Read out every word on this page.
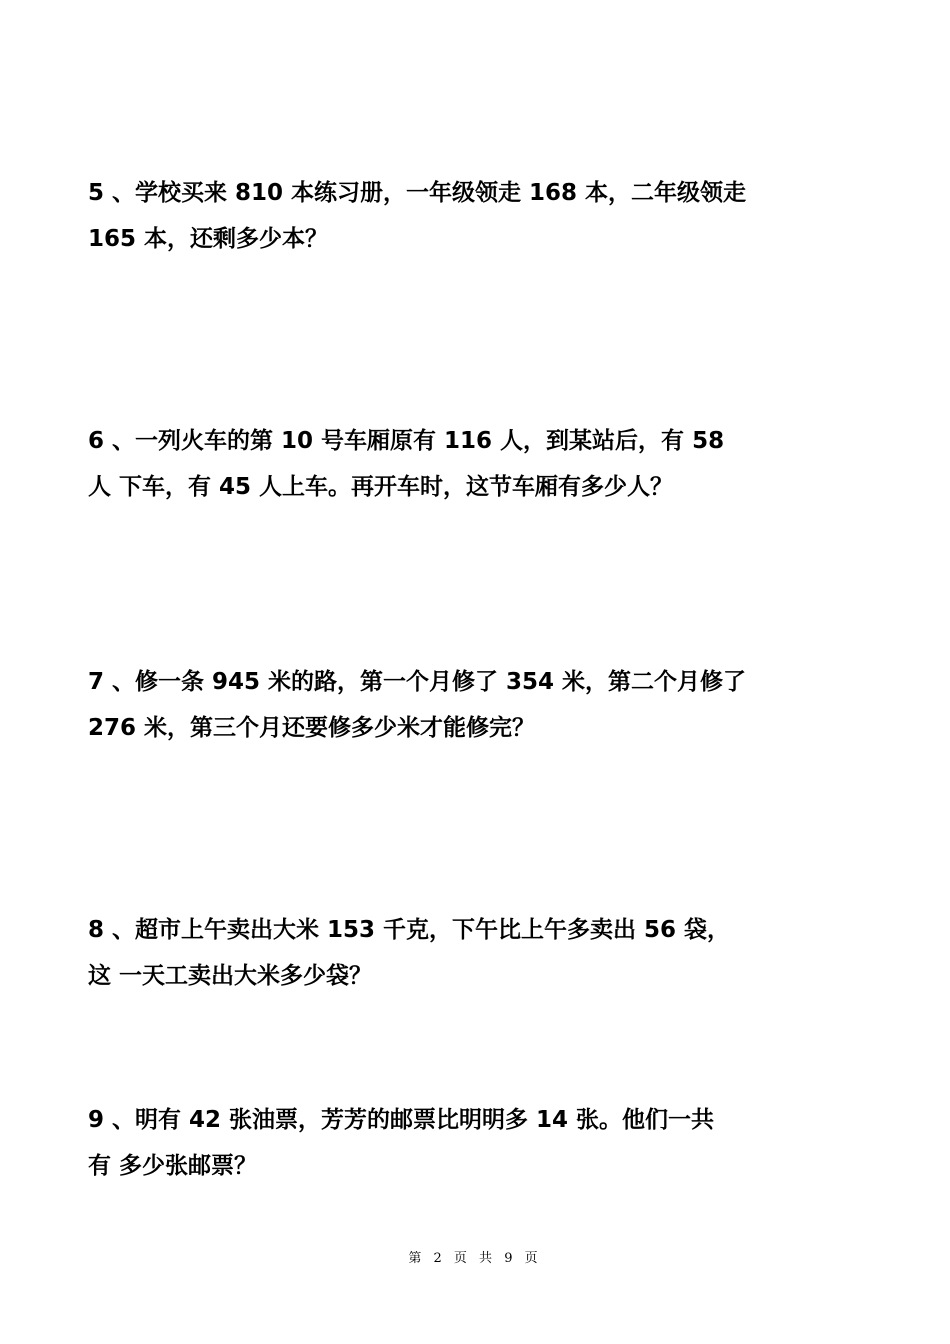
5 、学校买来 810 本练习册，一年级领走 168 本，二年级领走
165 本，还剩多少本？
6 、一列火车的第 10 号车厢原有 116 人，到某站后，有 58
人 下车，有 45 人上车。再开车时，这节车厢有多少人？
7 、修一条 945 米的路，第一个月修了 354 米，第二个月修了
276 米，第三个月还要修多少米才能修完？
8 、超市上午卖出大米 153 千克，下午比上午多卖出 56 袋，
这 一天工卖出大米多少袋？
9 、明有 42 张油票，芳芳的邮票比明明多 14 张。他们一共
有 多少张邮票？
第 2 页 共 9 页
